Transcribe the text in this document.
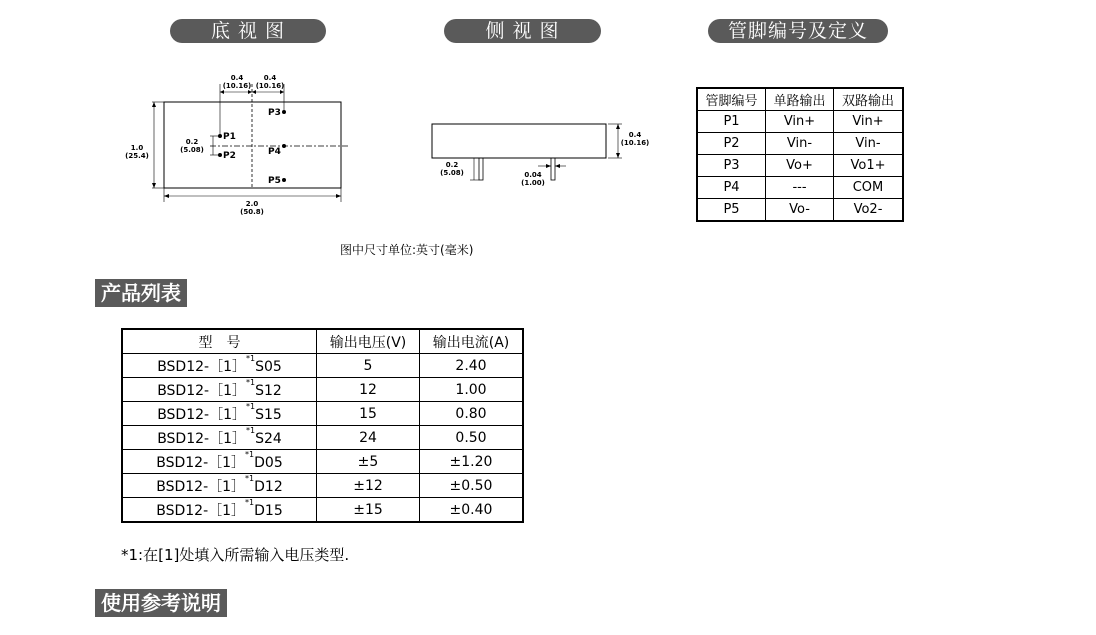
底 视 图	侧 视 图	管脚编号及定义
0.4
(10.16)
0.4
(10.16)
0.2
(5.08)
1.0
(25.4)
2.0
(50.8)
P1
P2
P3
P4
P5
0.4
(10.16)
0.2
(5.08)	0.04
(1.00)
图中尺寸单位:英寸(毫米)
管脚编号	单路输出	双路输出
P1	Vin+	Vin+
P2	Vin-	Vin-
P3	Vo+	Vo1+
P4	---	COM
P5	Vo-	Vo2-
产品列表
型　号	输出电压(V)	输出电流(A)
BSD12-［1］$^{*1}$S05	5	2.40
BSD12-［1］$^{*1}$S12	12	1.00
BSD12-［1］$^{*1}$S15	15	0.80
BSD12-［1］$^{*1}$S24	24	0.50
BSD12-［1］$^{*1}$D05	±5	±1.20
BSD12-［1］$^{*1}$D12	±12	±0.50
BSD12-［1］$^{*1}$D15	±15	±0.40
*1:在[1]处填入所需输入电压类型.
使用参考说明
